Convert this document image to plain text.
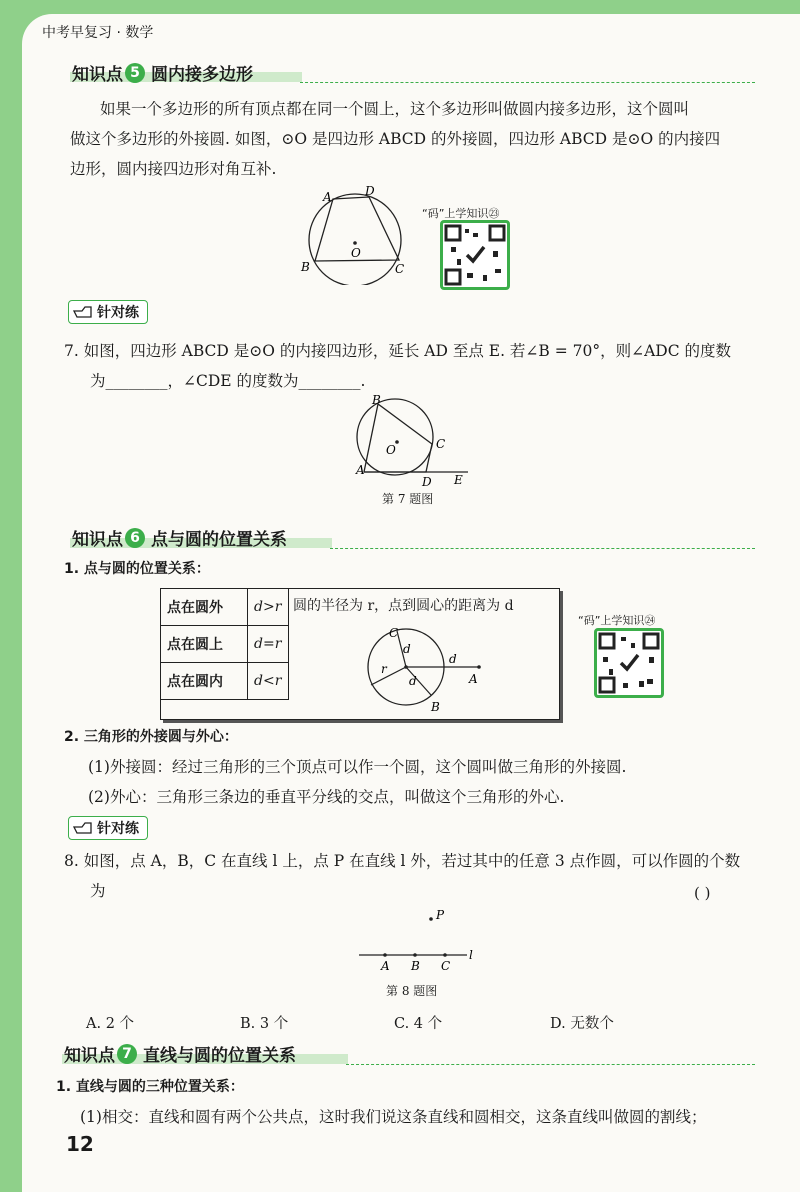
中考早复习 · 数学
知识点 5 圆内接多边形
如果一个多边形的所有顶点都在同一个圆上，这个多边形叫做圆内接多边形，这个圆叫
做这个多边形的外接圆. 如图，⊙O 是四边形 ABCD 的外接圆，四边形 ABCD 是⊙O 的内接四
边形，圆内接四边形对角互补.
A	D
B	C
O
“码”上学知识㉓
针对练
7. 如图，四边形 ABCD 是⊙O 的内接四边形，延长 AD 至点 E. 若∠B = 70°，则∠ADC 的度数
为________，∠CDE 的度数为________.
B
C
O
A
D E
第 7 题图
知识点 6 点与圆的位置关系
1. 点与圆的位置关系：
点在圆外	d>r
点在圆上	d=r
点在圆内	d<r
圆的半径为 r，点到圆心的距离为 d
C
d
d
r
d	A
B
“码”上学知识㉔
2. 三角形的外接圆与外心：
(1)外接圆：经过三角形的三个顶点可以作一个圆，这个圆叫做三角形的外接圆.
(2)外心：三角形三条边的垂直平分线的交点，叫做这个三角形的外心.
针对练
8. 如图，点 A，B，C 在直线 l 上，点 P 在直线 l 外，若过其中的任意 3 点作圆，可以作圆的个数
为	( )
P
A B C
l
第 8 题图
A. 2 个	B. 3 个	C. 4 个	D. 无数个
知识点 7 直线与圆的位置关系
1. 直线与圆的三种位置关系：
(1)相交：直线和圆有两个公共点，这时我们说这条直线和圆相交，这条直线叫做圆的割线；
12
